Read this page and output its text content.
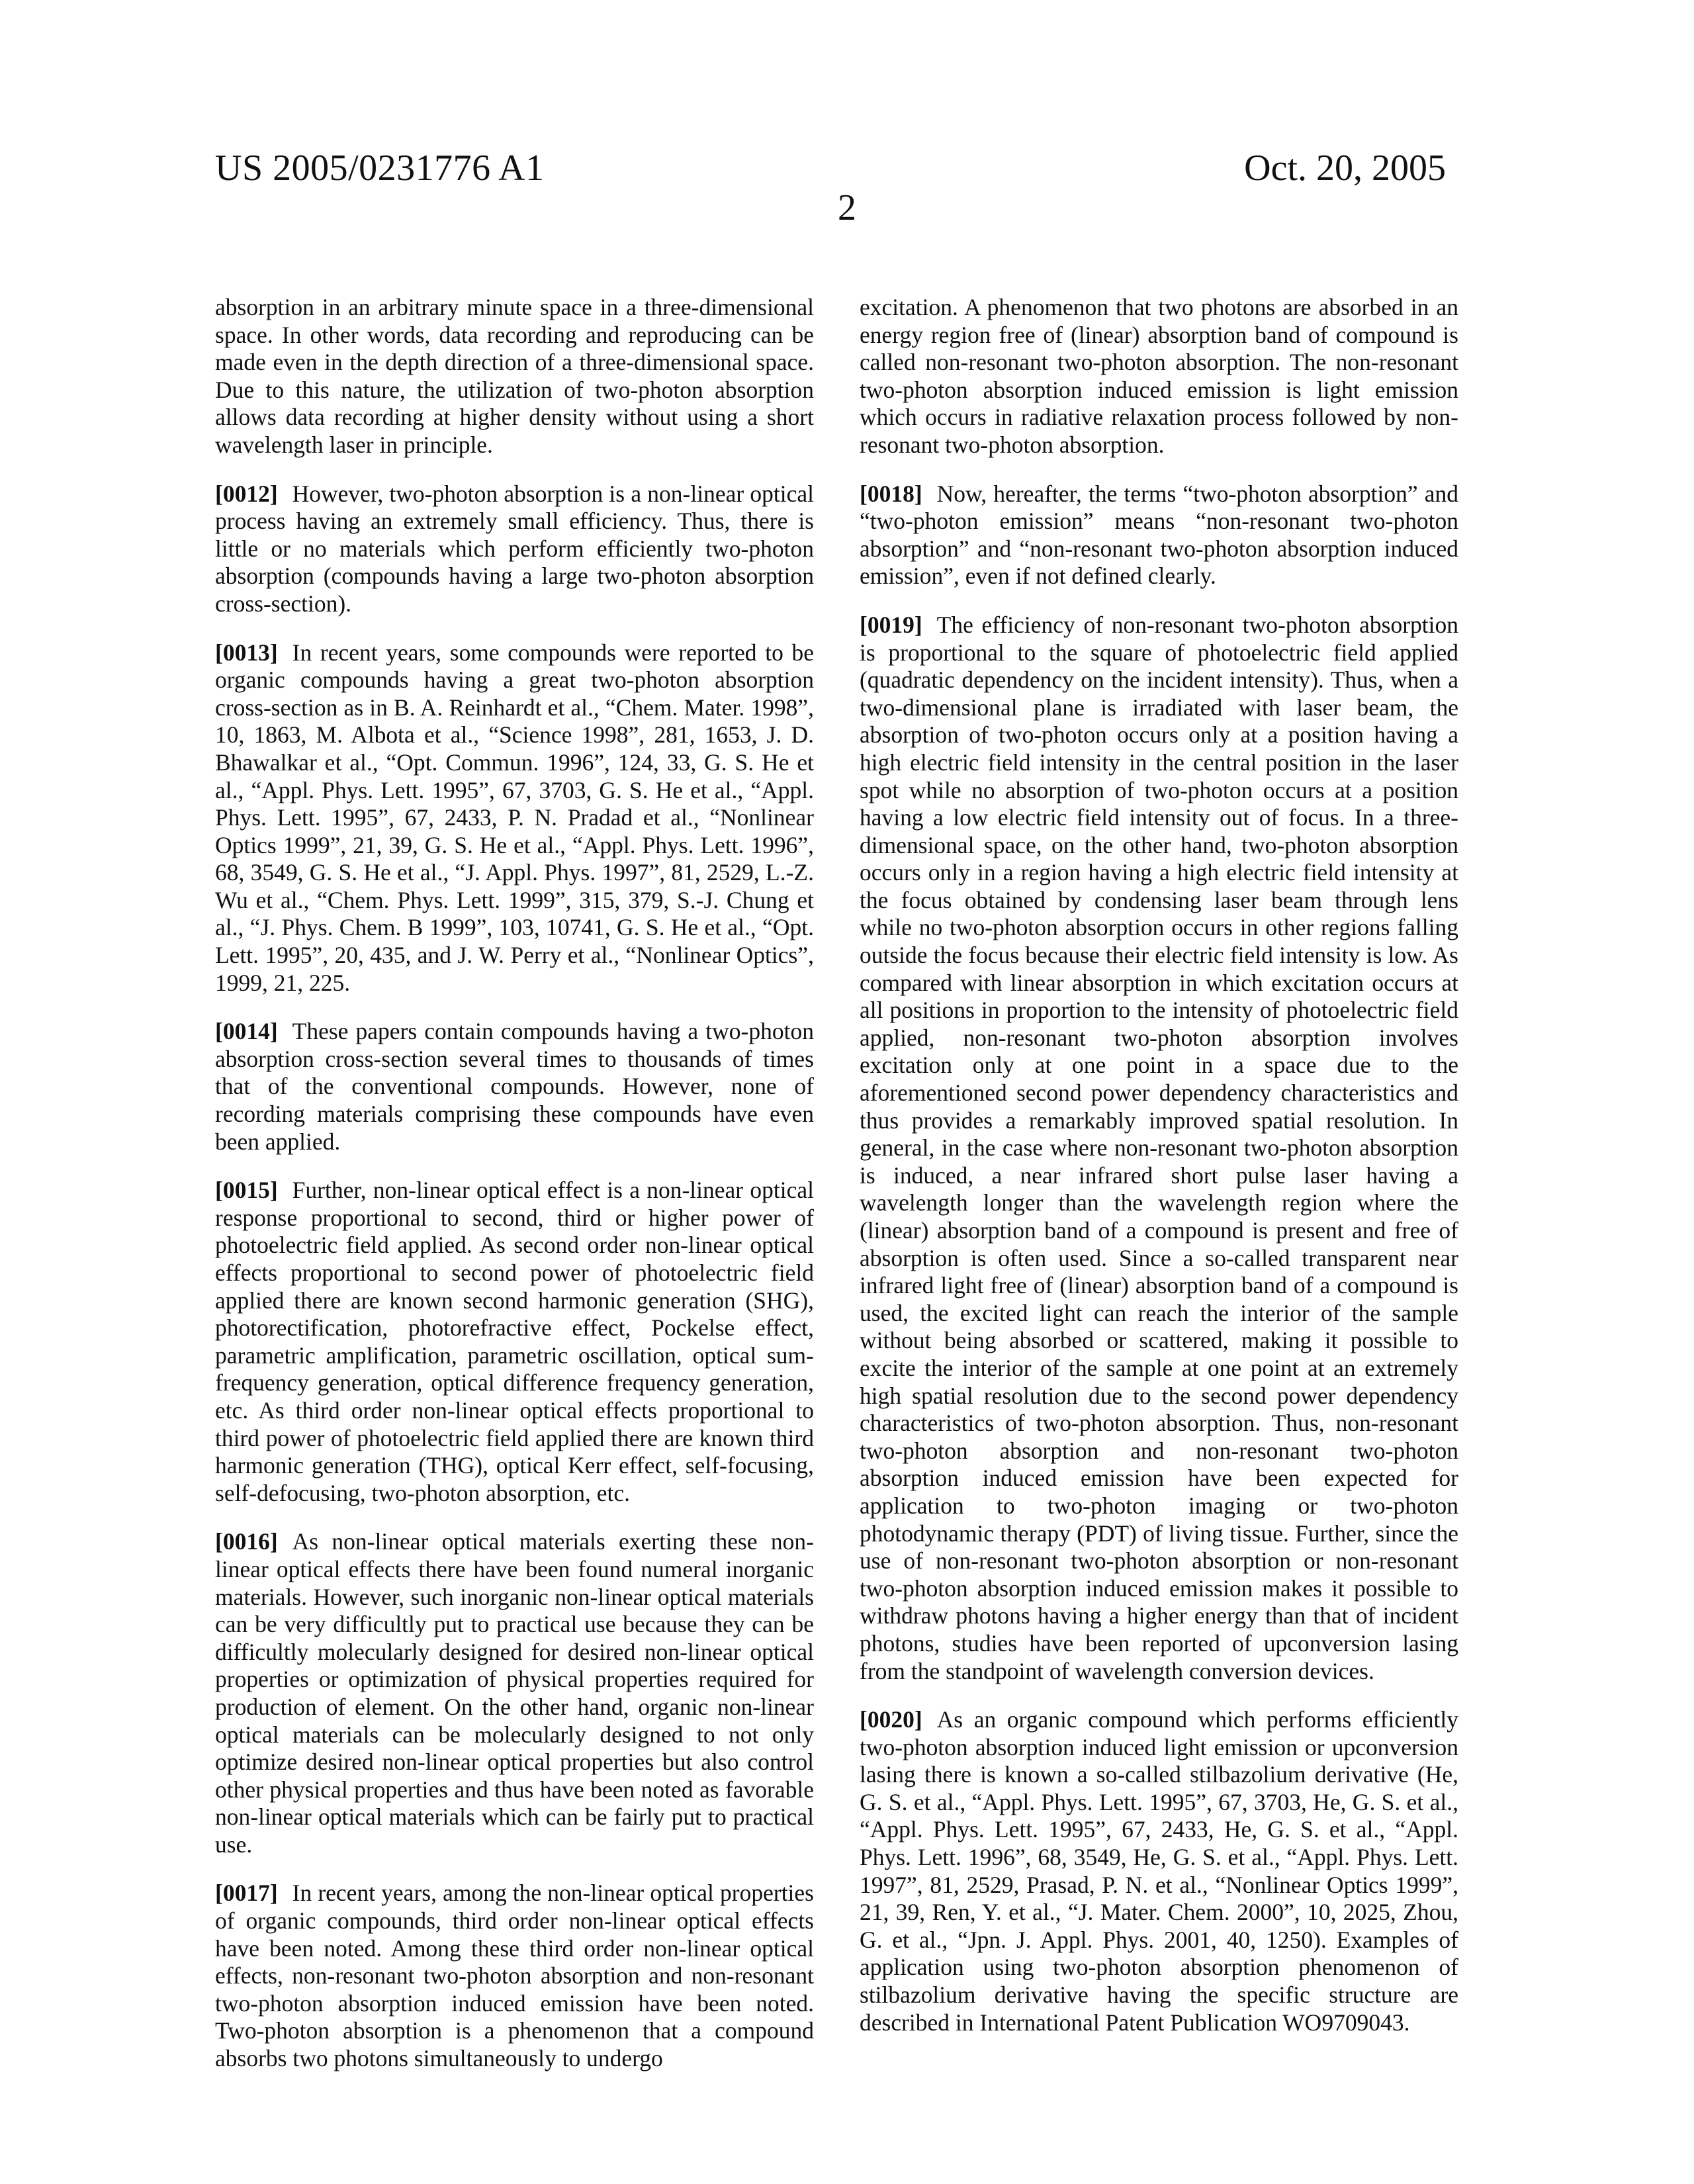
US 2005/0231776 A1	Oct. 20, 2005
2

absorption in an arbitrary minute space in a three-dimensional space. In other words, data recording and reproducing can be made even in the depth direction of a three-dimensional space. Due to this nature, the utilization of two-photon absorption allows data recording at higher density without using a short wavelength laser in principle.

[0012] However, two-photon absorption is a non-linear optical process having an extremely small efficiency. Thus, there is little or no materials which perform efficiently two-photon absorption (compounds having a large two-photon absorption cross-section).

[0013] In recent years, some compounds were reported to be organic compounds having a great two-photon absorption cross-section as in B. A. Reinhardt et al., “Chem. Mater. 1998”, 10, 1863, M. Albota et al., “Science 1998”, 281, 1653, J. D. Bhawalkar et al., “Opt. Commun. 1996”, 124, 33, G. S. He et al., “Appl. Phys. Lett. 1995”, 67, 3703, G. S. He et al., “Appl. Phys. Lett. 1995”, 67, 2433, P. N. Pradad et al., “Nonlinear Optics 1999”, 21, 39, G. S. He et al., “Appl. Phys. Lett. 1996”, 68, 3549, G. S. He et al., “J. Appl. Phys. 1997”, 81, 2529, L.-Z. Wu et al., “Chem. Phys. Lett. 1999”, 315, 379, S.-J. Chung et al., “J. Phys. Chem. B 1999”, 103, 10741, G. S. He et al., “Opt. Lett. 1995”, 20, 435, and J. W. Perry et al., “Nonlinear Optics”, 1999, 21, 225.

[0014] These papers contain compounds having a two-photon absorption cross-section several times to thousands of times that of the conventional compounds. However, none of recording materials comprising these compounds have even been applied.

[0015] Further, non-linear optical effect is a non-linear optical response proportional to second, third or higher power of photoelectric field applied. As second order non-linear optical effects proportional to second power of photoelectric field applied there are known second harmonic generation (SHG), photorectification, photorefractive effect, Pockelse effect, parametric amplification, parametric oscillation, optical sum-frequency generation, optical difference frequency generation, etc. As third order non-linear optical effects proportional to third power of photoelectric field applied there are known third harmonic generation (THG), optical Kerr effect, self-focusing, self-defocusing, two-photon absorption, etc.

[0016] As non-linear optical materials exerting these non-linear optical effects there have been found numeral inorganic materials. However, such inorganic non-linear optical materials can be very difficultly put to practical use because they can be difficultly molecularly designed for desired non-linear optical properties or optimization of physical properties required for production of element. On the other hand, organic non-linear optical materials can be molecularly designed to not only optimize desired non-linear optical properties but also control other physical properties and thus have been noted as favorable non-linear optical materials which can be fairly put to practical use.

[0017] In recent years, among the non-linear optical properties of organic compounds, third order non-linear optical effects have been noted. Among these third order non-linear optical effects, non-resonant two-photon absorption and non-resonant two-photon absorption induced emission have been noted. Two-photon absorption is a phenomenon that a compound absorbs two photons simultaneously to undergo

excitation. A phenomenon that two photons are absorbed in an energy region free of (linear) absorption band of compound is called non-resonant two-photon absorption. The non-resonant two-photon absorption induced emission is light emission which occurs in radiative relaxation process followed by non-resonant two-photon absorption.

[0018] Now, hereafter, the terms “two-photon absorption” and “two-photon emission” means “non-resonant two-photon absorption” and “non-resonant two-photon absorption induced emission”, even if not defined clearly.

[0019] The efficiency of non-resonant two-photon absorption is proportional to the square of photoelectric field applied (quadratic dependency on the incident intensity). Thus, when a two-dimensional plane is irradiated with laser beam, the absorption of two-photon occurs only at a position having a high electric field intensity in the central position in the laser spot while no absorption of two-photon occurs at a position having a low electric field intensity out of focus. In a three-dimensional space, on the other hand, two-photon absorption occurs only in a region having a high electric field intensity at the focus obtained by condensing laser beam through lens while no two-photon absorption occurs in other regions falling outside the focus because their electric field intensity is low. As compared with linear absorption in which excitation occurs at all positions in proportion to the intensity of photoelectric field applied, non-resonant two-photon absorption involves excitation only at one point in a space due to the aforementioned second power dependency characteristics and thus provides a remarkably improved spatial resolution. In general, in the case where non-resonant two-photon absorption is induced, a near infrared short pulse laser having a wavelength longer than the wavelength region where the (linear) absorption band of a compound is present and free of absorption is often used. Since a so-called transparent near infrared light free of (linear) absorption band of a compound is used, the excited light can reach the interior of the sample without being absorbed or scattered, making it possible to excite the interior of the sample at one point at an extremely high spatial resolution due to the second power dependency characteristics of two-photon absorption. Thus, non-resonant two-photon absorption and non-resonant two-photon absorption induced emission have been expected for application to two-photon imaging or two-photon photodynamic therapy (PDT) of living tissue. Further, since the use of non-resonant two-photon absorption or non-resonant two-photon absorption induced emission makes it possible to withdraw photons having a higher energy than that of incident photons, studies have been reported of upconversion lasing from the standpoint of wavelength conversion devices.

[0020] As an organic compound which performs efficiently two-photon absorption induced light emission or upconversion lasing there is known a so-called stilbazolium derivative (He, G. S. et al., “Appl. Phys. Lett. 1995”, 67, 3703, He, G. S. et al., “Appl. Phys. Lett. 1995”, 67, 2433, He, G. S. et al., “Appl. Phys. Lett. 1996”, 68, 3549, He, G. S. et al., “Appl. Phys. Lett. 1997”, 81, 2529, Prasad, P. N. et al., “Nonlinear Optics 1999”, 21, 39, Ren, Y. et al., “J. Mater. Chem. 2000”, 10, 2025, Zhou, G. et al., “Jpn. J. Appl. Phys. 2001, 40, 1250). Examples of application using two-photon absorption phenomenon of stilbazolium derivative having the specific structure are described in International Patent Publication WO9709043.
